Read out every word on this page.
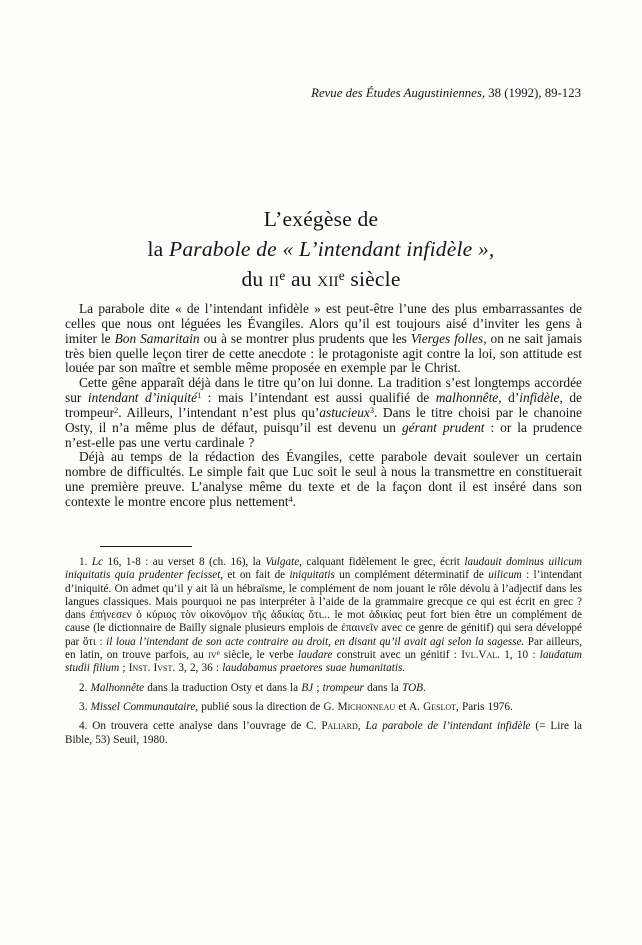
Revue des Études Augustiniennes, 38 (1992), 89-123
L’exégèse de
la Parabole de « L’intendant infidèle »,
du $ii^e$ au xii$^e$ siècle

La parabole dite « de l’intendant infidèle » est peut-être l’une des plus embarrassantes de celles que nous ont léguées les Évangiles. Alors qu’il est toujours aisé d’inviter les gens à imiter le Bon Samaritain ou à se montrer plus prudents que les Vierges folles, on ne sait jamais très bien quelle leçon tirer de cette anecdote : le protagoniste agit contre la loi, son attitude est louée par son maître et semble même proposée en exemple par le Christ.

Cette gêne apparaît déjà dans le titre qu’on lui donne. La tradition s’est longtemps accordée sur intendant d’iniquité$^1$ : mais l’intendant est aussi qualifié de malhonnête, d’infidèle, de trompeur$^2$. Ailleurs, l’intendant n’est plus qu’astucieux$^3$. Dans le titre choisi par le chanoine Osty, il n’a même plus de défaut, puisqu’il est devenu un gérant prudent : or la prudence n’est-elle pas une vertu cardinale ?

Déjà au temps de la rédaction des Évangiles, cette parabole devait soulever un certain nombre de difficultés. Le simple fait que Luc soit le seul à nous la transmettre en constituerait une première preuve. L’analyse même du texte et de la façon dont il est inséré dans son contexte le montre encore plus nettement$^4$.

1. Lc 16, 1-8 : au verset 8 (ch. 16), la Vulgate, calquant fidèlement le grec, écrit laudauit dominus uilicum iniquitatis quia prudenter fecisset, et on fait de iniquitatis un complément déterminatif de uilicum : l’intendant d’iniquité. On admet qu’il y ait là un hébraïsme, le complément de nom jouant le rôle dévolu à l’adjectif dans les langues classiques. Mais pourquoi ne pas interpréter à l’aide de la grammaire grecque ce qui est écrit en grec ? dans ἐπήνεσεν ὁ κύριος τὸν οἰκονόμον τῆς ἀδικίας ὅτι... le mot ἀδικίας peut fort bien être un complément de cause (le dictionnaire de Bailly signale plusieurs emplois de ἐπαινεῖν avec ce genre de génitif) qui sera développé par ὅτι : il loua l’intendant de son acte contraire au droit, en disant qu’il avait agi selon la sagesse. Par ailleurs, en latin, on trouve parfois, au $iv^e$ siècle, le verbe laudare construit avec un génitif : Ivl.Val. 1, 10 : laudatum studii filium ; Inst. Ivst. 3, 2, 36 : laudabamus praetores suae humanitatis.

2. Malhonnête dans la traduction Osty et dans la BJ ; trompeur dans la TOB.

3. Missel Communautaire, publié sous la direction de G. Michonneau et A. Geslot, Paris 1976.

4. On trouvera cette analyse dans l’ouvrage de C. Paliard, La parabole de l’intendant infidèle (= Lire la Bible, 53) Seuil, 1980.
